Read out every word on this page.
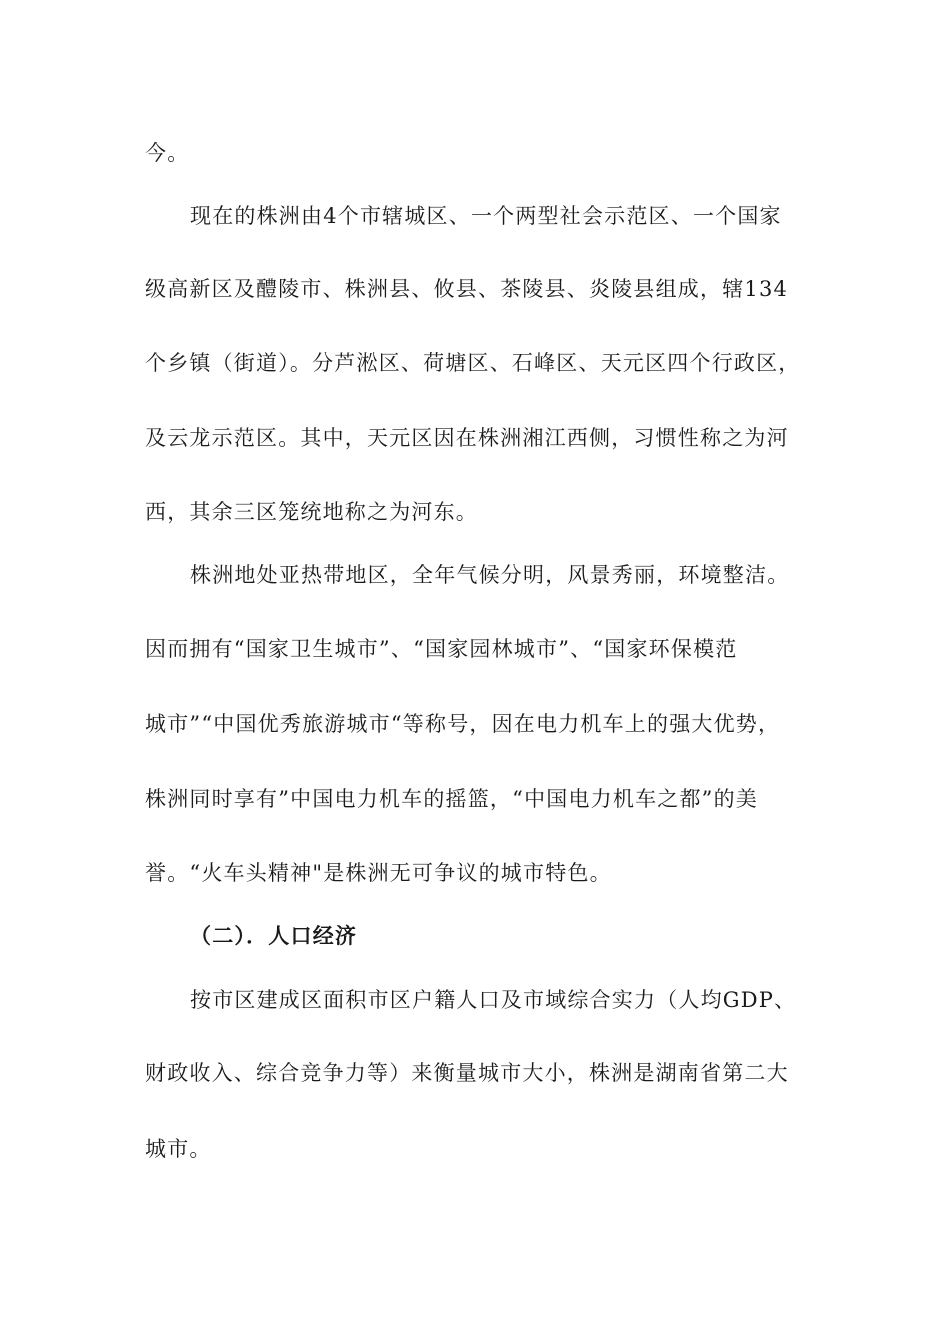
今。
现在的株洲由4个市辖城区、一个两型社会示范区、一个国家
级高新区及醴陵市、株洲县、攸县、茶陵县、炎陵县组成，辖134
个乡镇（街道）。分芦淞区、荷塘区、石峰区、天元区四个行政区，
及云龙示范区。其中，天元区因在株洲湘江西侧，习惯性称之为河
西，其余三区笼统地称之为河东。
株洲地处亚热带地区，全年气候分明，风景秀丽，环境整洁。
因而拥有“国家卫生城市”、“国家园林城市”、“国家环保模范
城市”“中国优秀旅游城市“等称号，因在电力机车上的强大优势，
株洲同时享有”中国电力机车的摇篮，“中国电力机车之都”的美
誉。“火车头精神"是株洲无可争议的城市特色。
（二）．人口经济
按市区建成区面积市区户籍人口及市域综合实力（人均GDP、
财政收入、综合竞争力等）来衡量城市大小，株洲是湖南省第二大
城市。
